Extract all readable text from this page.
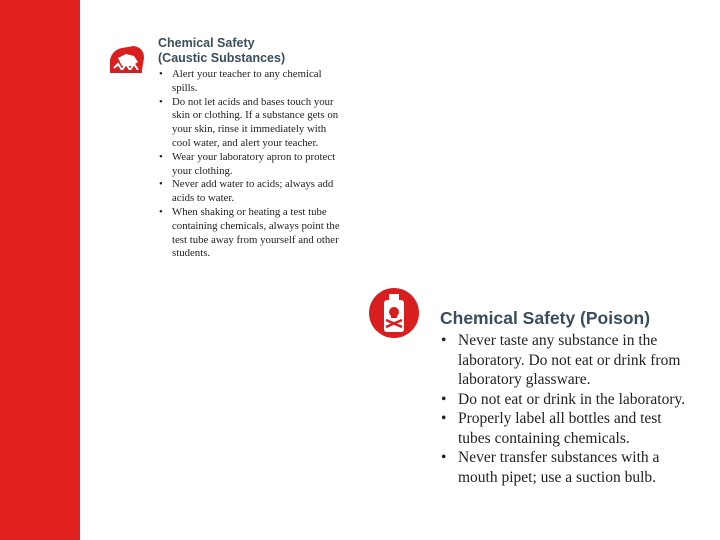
Chemical Safety
(Caustic Substances)
• Alert your teacher to any chemical spills.
• Do not let acids and bases touch your skin or clothing. If a substance gets on your skin, rinse it immediately with cool water, and alert your teacher.
• Wear your laboratory apron to protect your clothing.
• Never add water to acids; always add acids to water.
• When shaking or heating a test tube containing chemicals, always point the test tube away from yourself and other students.
Chemical Safety (Poison)
• Never taste any substance in the laboratory. Do not eat or drink from laboratory glassware.
• Do not eat or drink in the laboratory.
• Properly label all bottles and test tubes containing chemicals.
• Never transfer substances with a mouth pipet; use a suction bulb.
